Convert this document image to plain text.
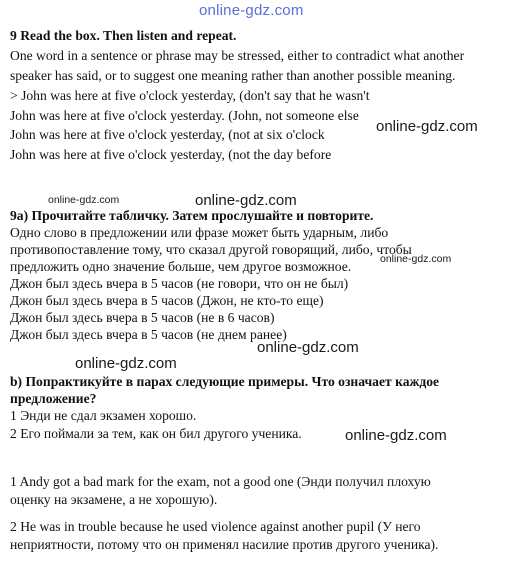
online-gdz.com
9 Read the box. Then listen and repeat.
One word in a sentence or phrase may be stressed, either to contradict what another
speaker has said, or to suggest one meaning rather than another possible meaning.
> John was here at five o'clock yesterday, (don't say that he wasn't
John was here at five o'clock yesterday. (John, not someone else
John was here at five o'clock yesterday, (not at six o'clock
John was here at five o'clock yesterday, (not the day before
online-gdz.com
online-gdz.com	online-gdz.com
9a) Прочитайте табличку. Затем прослушайте и повторите.
Одно слово в предложении или фразе может быть ударным, либо
противопоставление тому, что сказал другой говорящий, либо, чтобы
предложить одно значение больше, чем другое возможное.	online-gdz.com
Джон был здесь вчера в 5 часов (не говори, что он не был)
Джон был здесь вчера в 5 часов (Джон, не кто-то еще)
Джон был здесь вчера в 5 часов (не в 6 часов)
Джон был здесь вчера в 5 часов (не днем ранее)
online-gdz.com
online-gdz.com
b) Попрактикуйте в парах следующие примеры. Что означает каждое
предложение?
1 Энди не сдал экзамен хорошо.
2 Его поймали за тем, как он бил другого ученика.	online-gdz.com
1 Andy got a bad mark for the exam, not a good one (Энди получил плохую
оценку на экзамене, а не хорошую).
2 He was in trouble because he used violence against another pupil (У него
неприятности, потому что он применял насилие против другого ученика).
